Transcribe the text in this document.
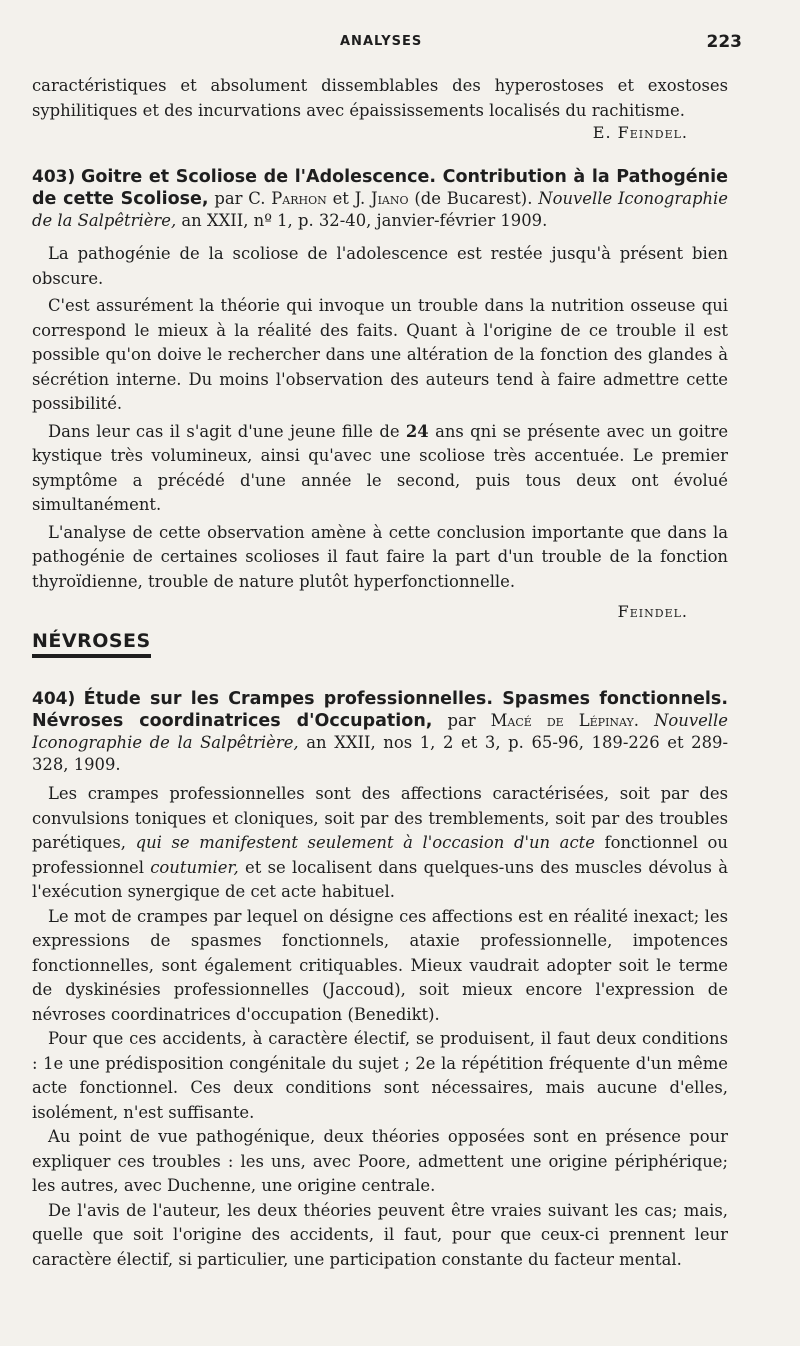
ANALYSES	223

caractéristiques et absolument dissemblables des hyperostoses et exostoses syphilitiques et des incurvations avec épaississements localisés du rachitisme.

E. Feindel.

403) Goitre et Scoliose de l'Adolescence. Contribution à la Pathogénie de cette Scoliose, par C. Parhon et J. Jiano (de Bucarest). Nouvelle Iconographie de la Salpêtrière, an XXII, nº 1, p. 32-40, janvier-février 1909.

La pathogénie de la scoliose de l'adolescence est restée jusqu'à présent bien obscure.

C'est assurément la théorie qui invoque un trouble dans la nutrition osseuse qui correspond le mieux à la réalité des faits. Quant à l'origine de ce trouble il est possible qu'on doive le rechercher dans une altération de la fonction des glandes à sécrétion interne. Du moins l'observation des auteurs tend à faire admettre cette possibilité.

Dans leur cas il s'agit d'une jeune fille de 24 ans qni se présente avec un goitre kystique très volumineux, ainsi qu'avec une scoliose très accentuée. Le premier symptôme a précédé d'une année le second, puis tous deux ont évolué simultanément.

L'analyse de cette observation amène à cette conclusion importante que dans la pathogénie de certaines scolioses il faut faire la part d'un trouble de la fonction thyroïdienne, trouble de nature plutôt hyperfonctionnelle.

Feindel.
NÉVROSES

404) Étude sur les Crampes professionnelles. Spasmes fonctionnels. Névroses coordinatrices d'Occupation, par Macé de Lépinay. Nouvelle Iconographie de la Salpêtrière, an XXII, nos 1, 2 et 3, p. 65-96, 189-226 et 289-328, 1909.

Les crampes professionnelles sont des affections caractérisées, soit par des convulsions toniques et cloniques, soit par des tremblements, soit par des troubles parétiques, qui se manifestent seulement à l'occasion d'un acte fonctionnel ou professionnel coutumier, et se localisent dans quelques-uns des muscles dévolus à l'exécution synergique de cet acte habituel.

Le mot de crampes par lequel on désigne ces affections est en réalité inexact; les expressions de spasmes fonctionnels, ataxie professionnelle, impotences fonctionnelles, sont également critiquables. Mieux vaudrait adopter soit le terme de dyskinésies professionnelles (Jaccoud), soit mieux encore l'expression de névroses coordinatrices d'occupation (Benedikt).

Pour que ces accidents, à caractère électif, se produisent, il faut deux conditions : 1e une prédisposition congénitale du sujet ; 2e la répétition fréquente d'un même acte fonctionnel. Ces deux conditions sont nécessaires, mais aucune d'elles, isolément, n'est suffisante.

Au point de vue pathogénique, deux théories opposées sont en présence pour expliquer ces troubles : les uns, avec Poore, admettent une origine périphérique; les autres, avec Duchenne, une origine centrale.

De l'avis de l'auteur, les deux théories peuvent être vraies suivant les cas; mais, quelle que soit l'origine des accidents, il faut, pour que ceux-ci prennent leur caractère électif, si particulier, une participation constante du facteur mental.
